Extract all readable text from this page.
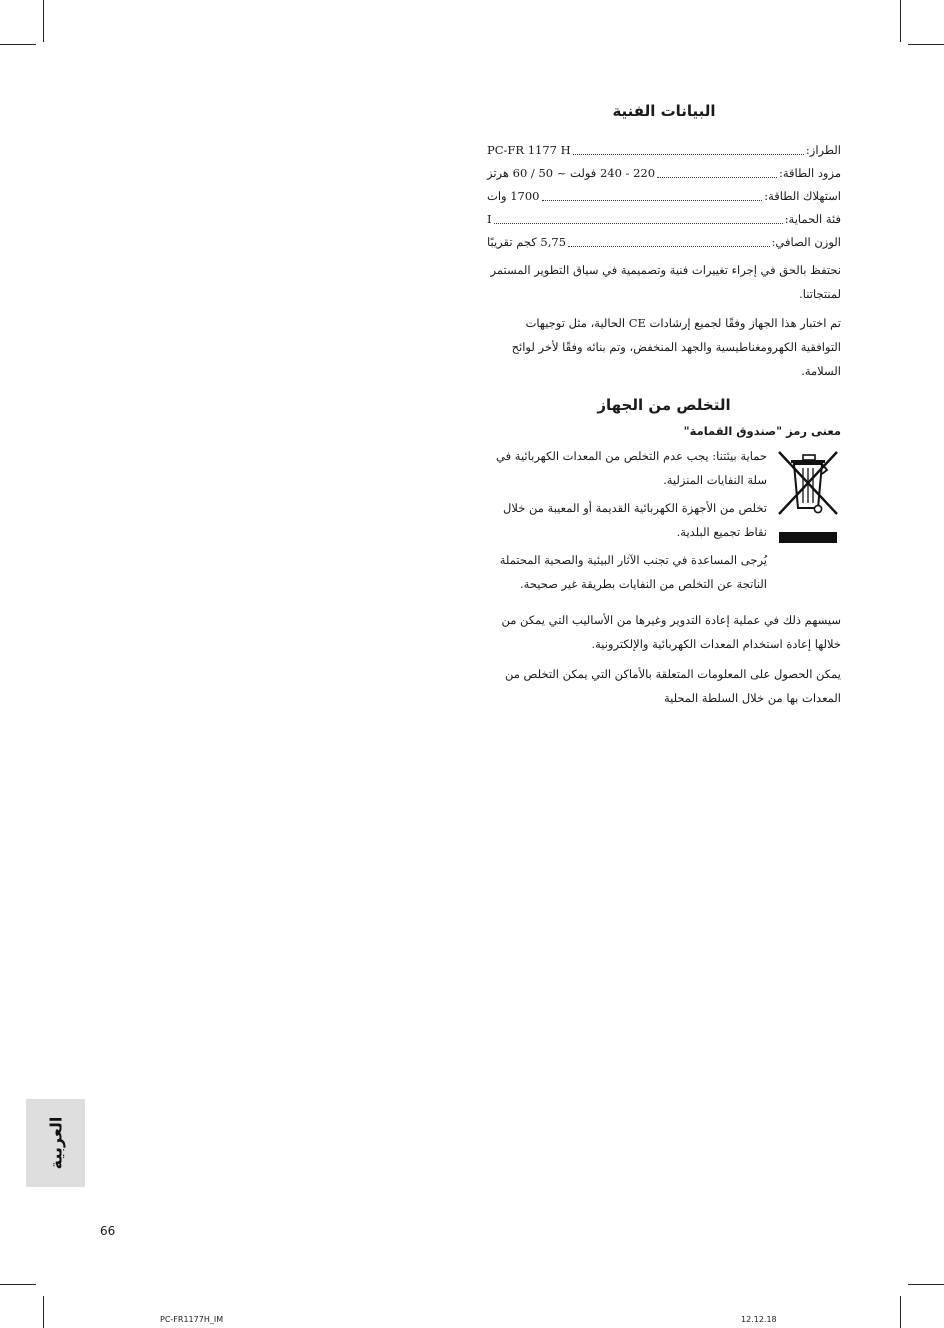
البيانات الفنية
الطراز:
PC-FR 1177 H
مزود الطاقة:
220 - 240 فولت ~ 50 / 60 هرتز
استهلاك الطاقة:
1700 وات
فئة الحماية:
I
الوزن الصافي:
5,75 كجم تقريبًا

نحتفظ بالحق في إجراء تغييرات فنية وتصميمية في سياق التطوير المستمر لمنتجاتنا.

تم اختبار هذا الجهاز وفقًا لجميع إرشادات CE الحالية، مثل توجيهات التوافقية الكهرومغناطيسية والجهد المنخفض، وتم بنائه وفقًا لأخر لوائح السلامة.

التخلص من الجهاز

معنى رمز "صندوق القمامة"

حماية بيئتنا: يجب عدم التخلص من المعدات الكهربائية في سلة النفايات المنزلية.

تخلص من الأجهزة الكهربائية القديمة أو المعيبة من خلال نقاط تجميع البلدية.

يُرجى المساعدة في تجنب الآثار البيئية والصحية المحتملة الناتجة عن التخلص من النفايات بطريقة غير صحيحة.

سيسهم ذلك في عملية إعادة التدوير وغيرها من الأساليب التي يمكن من خلالها إعادة استخدام المعدات الكهربائية والإلكترونية.

يمكن الحصول على المعلومات المتعلقة بالأماكن التي يمكن التخلص من المعدات بها من خلال السلطة المحلية

العربية
66
PC-FR1177H_IM	12.12.18
